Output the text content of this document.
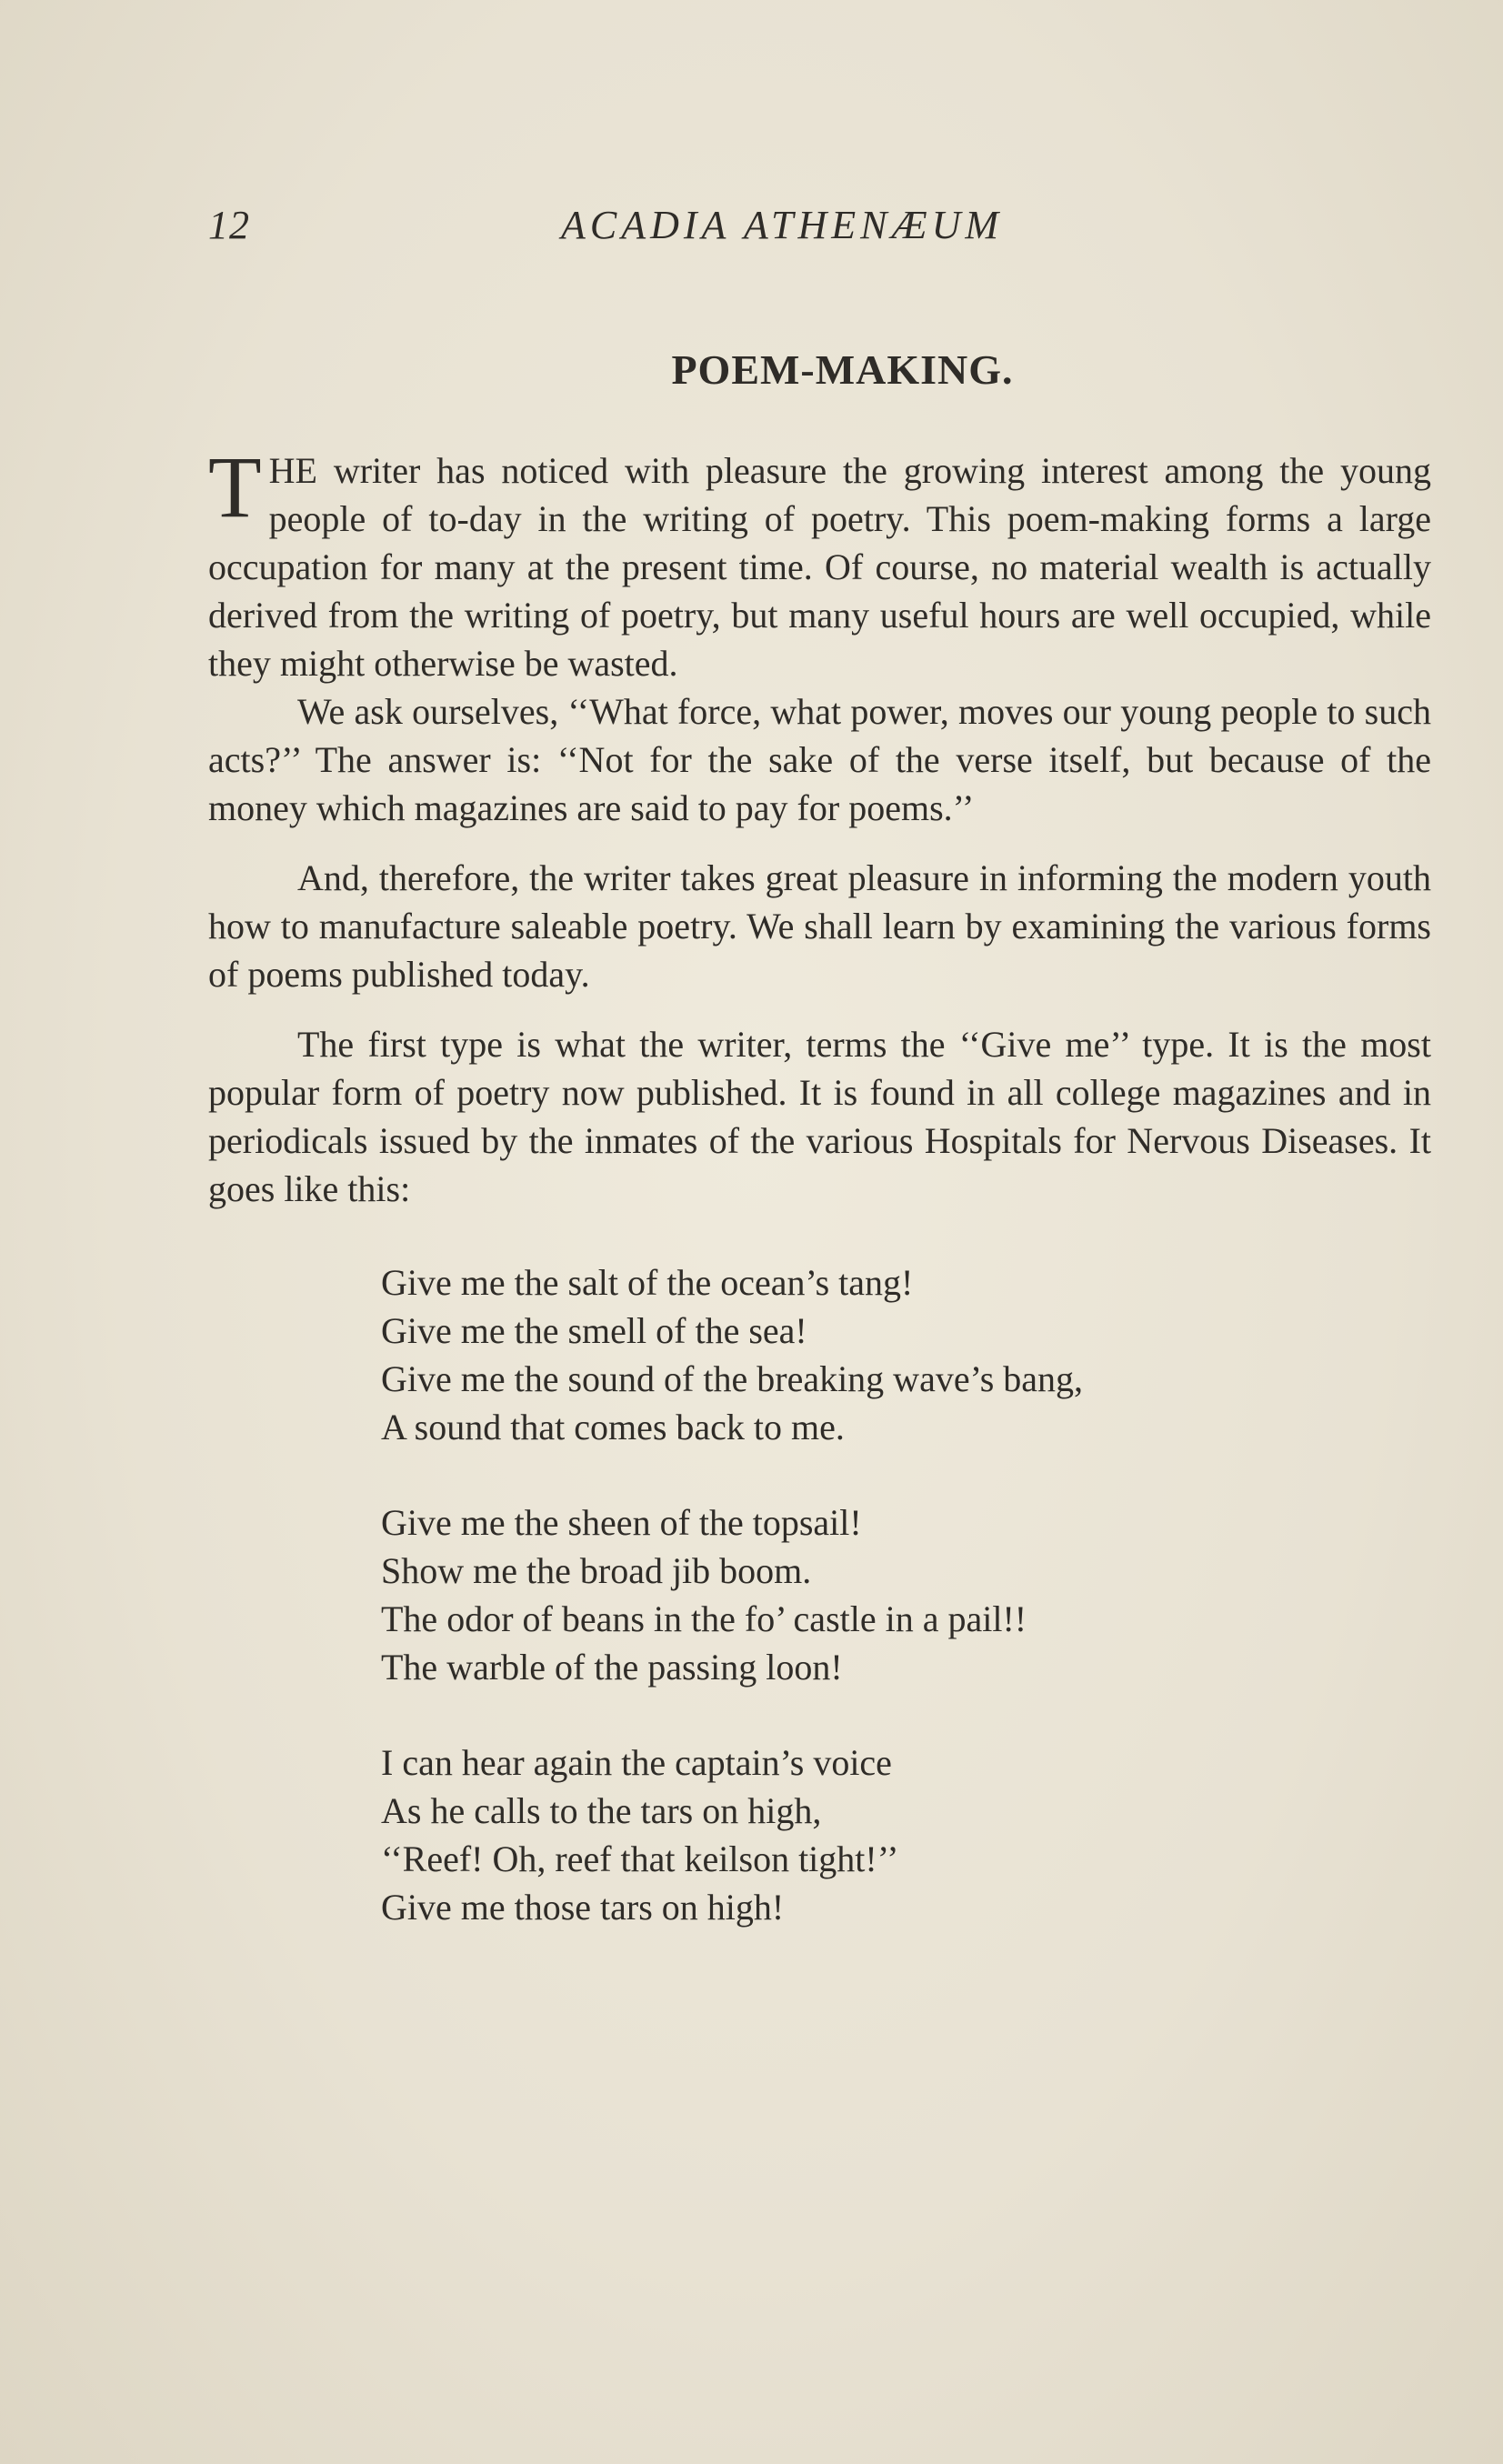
12	ACADIA ATHENÆUM
POEM-MAKING.

THE writer has noticed with pleasure the growing interest among the young people of to-day in the writing of poetry. This poem-making forms a large occupation for many at the present time. Of course, no material wealth is actually derived from the writing of poetry, but many useful hours are well occupied, while they might otherwise be wasted.

We ask ourselves, ‘‘What force, what power, moves our young people to such acts?’’ The answer is: ‘‘Not for the sake of the verse itself, but because of the money which magazines are said to pay for poems.’’

And, therefore, the writer takes great pleasure in informing the modern youth how to manufacture saleable poetry. We shall learn by examining the various forms of poems published today.

The first type is what the writer, terms the ‘‘Give me’’ type. It is the most popular form of poetry now published. It is found in all college magazines and in periodicals issued by the inmates of the various Hospitals for Nervous Diseases. It goes like this:

Give me the salt of the ocean’s tang!
Give me the smell of the sea!
Give me the sound of the breaking wave’s bang,
A sound that comes back to me.
Give me the sheen of the topsail!
Show me the broad jib boom.
The odor of beans in the fo’ castle in a pail!!
The warble of the passing loon!
I can hear again the captain’s voice
As he calls to the tars on high,
‘‘Reef! Oh, reef that keilson tight!’’
Give me those tars on high!
